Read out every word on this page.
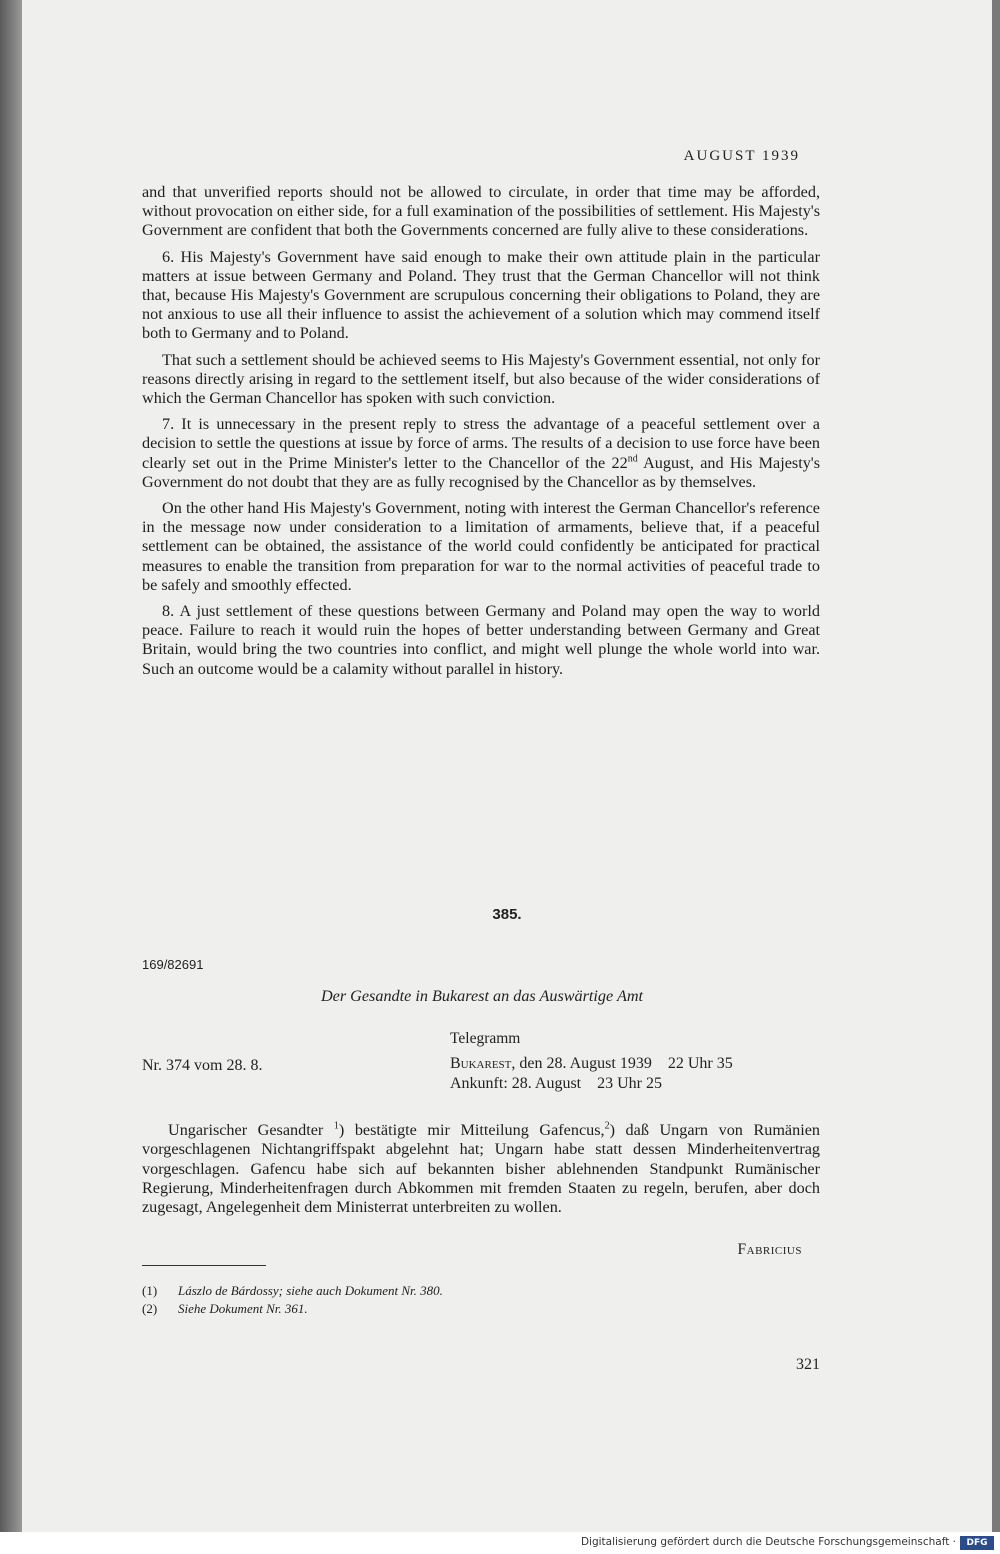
AUGUST 1939

and that unverified reports should not be allowed to circulate, in order that time may be afforded, without provocation on either side, for a full examination of the possibilities of settlement. His Majesty's Government are confident that both the Governments concerned are fully alive to these considerations.

6. His Majesty's Government have said enough to make their own attitude plain in the particular matters at issue between Germany and Poland. They trust that the German Chancellor will not think that, because His Majesty's Government are scrupulous concerning their obligations to Poland, they are not anxious to use all their influence to assist the achievement of a solution which may commend itself both to Germany and to Poland.

That such a settlement should be achieved seems to His Majesty's Government essential, not only for reasons directly arising in regard to the settlement itself, but also because of the wider considerations of which the German Chancellor has spoken with such conviction.

7. It is unnecessary in the present reply to stress the advantage of a peaceful settlement over a decision to settle the questions at issue by force of arms. The results of a decision to use force have been clearly set out in the Prime Minister's letter to the Chancellor of the 22nd August, and His Majesty's Government do not doubt that they are as fully recognised by the Chancellor as by themselves.

On the other hand His Majesty's Government, noting with interest the German Chancellor's reference in the message now under consideration to a limitation of armaments, believe that, if a peaceful settlement can be obtained, the assistance of the world could confidently be anticipated for practical measures to enable the transition from preparation for war to the normal activities of peaceful trade to be safely and smoothly effected.

8. A just settlement of these questions between Germany and Poland may open the way to world peace. Failure to reach it would ruin the hopes of better understanding between Germany and Great Britain, would bring the two countries into conflict, and might well plunge the whole world into war. Such an outcome would be a calamity without parallel in history.

385.
169/82691
Der Gesandte in Bukarest an das Auswärtige Amt
Telegramm
Nr. 374 vom 28. 8.	Bukarest, den 28. August 1939    22 Uhr 35
Ankunft: 28. August    23 Uhr 25

Ungarischer Gesandter $^1$) bestätigte mir Mitteilung Gafencus,$^2$) daß Ungarn von Rumänien vorgeschlagenen Nichtangriffspakt abgelehnt hat; Ungarn habe statt dessen Minderheitenvertrag vorgeschlagen. Gafencu habe sich auf bekannten bisher ablehnenden Standpunkt Rumänischer Regierung, Minderheitenfragen durch Abkommen mit fremden Staaten zu regeln, berufen, aber doch zugesagt, Angelegenheit dem Ministerrat unterbreiten zu wollen.

Fabricius
(1) Lászlo de Bárdossy; siehe auch Dokument Nr. 380.
(2) Siehe Dokument Nr. 361.
321
Digitalisierung gefördert durch die Deutsche Forschungsgemeinschaft ·	DFG
